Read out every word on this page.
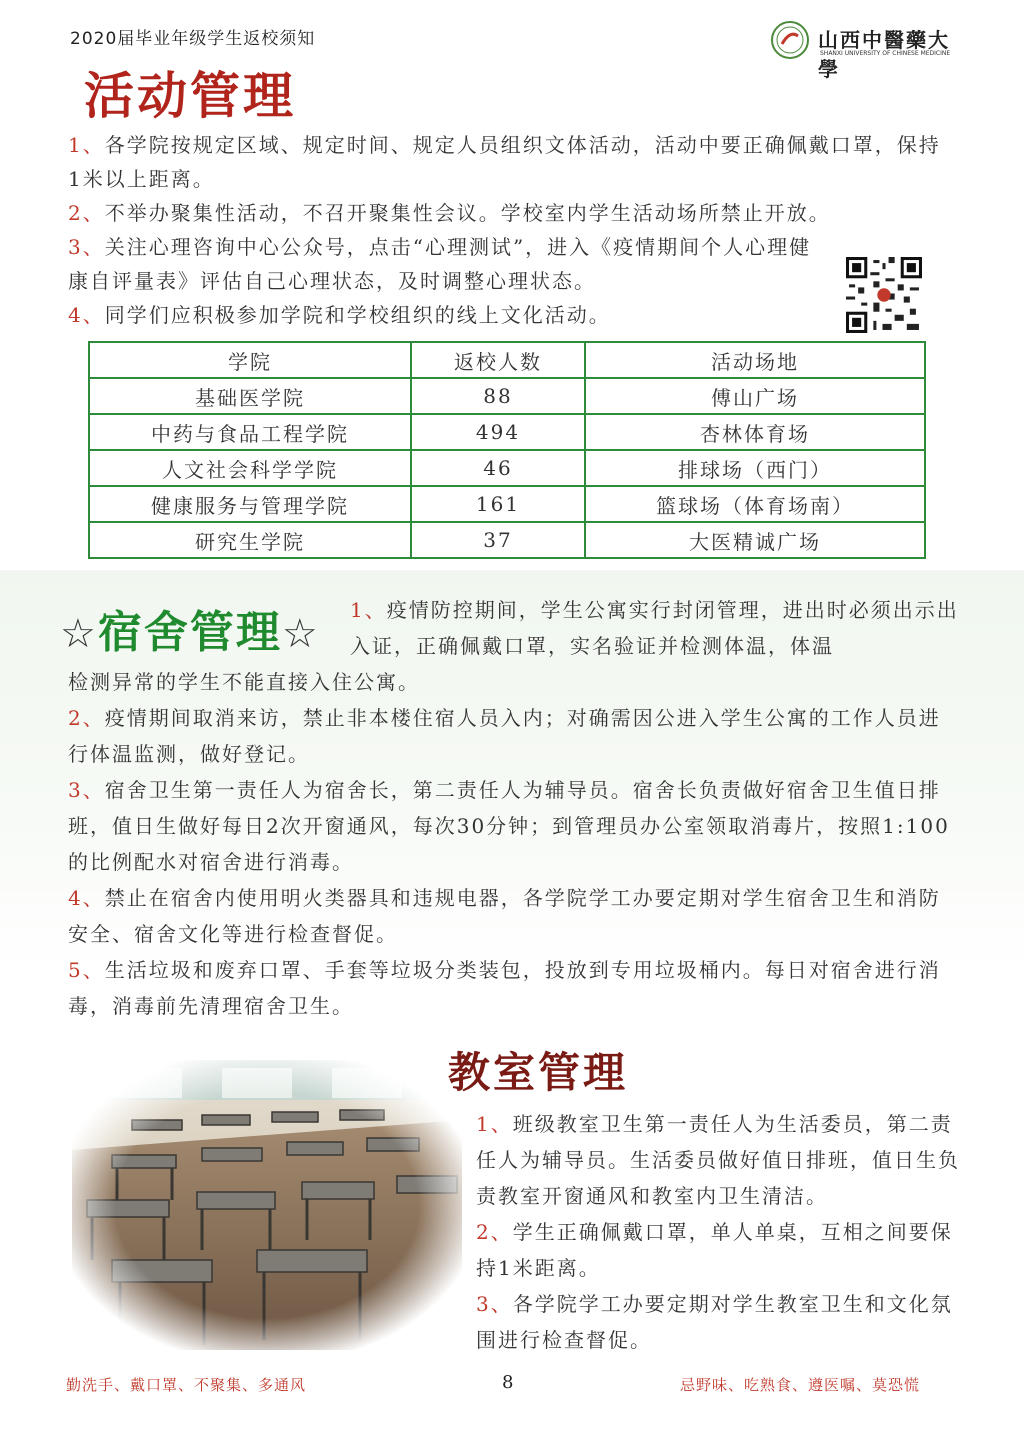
2020届毕业年级学生返校须知	山西中醫藥大學
SHANXI UNIVERSITY OF CHINESE MEDICINE
活动管理
1、各学院按规定区域、规定时间、规定人员组织文体活动，活动中要正确佩戴口罩，保持1米以上距离。
2、不举办聚集性活动，不召开聚集性会议。学校室内学生活动场所禁止开放。
3、关注心理咨询中心公众号，点击“心理测试”，进入《疫情期间个人心理健康自评量表》评估自己心理状态，及时调整心理状态。
4、同学们应积极参加学院和学校组织的线上文化活动。
学院	返校人数	活动场地
基础医学院	88	傅山广场
中药与食品工程学院	494	杏林体育场
人文社会科学学院	46	排球场（西门）
健康服务与管理学院	161	篮球场（体育场南）
研究生学院	37	大医精诚广场
☆宿舍管理☆
1、疫情防控期间，学生公寓实行封闭管理，进出时必须出示出入证，正确佩戴口罩，实名验证并检测体温，体温
检测异常的学生不能直接入住公寓。
2、疫情期间取消来访，禁止非本楼住宿人员入内；对确需因公进入学生公寓的工作人员进行体温监测，做好登记。
3、宿舍卫生第一责任人为宿舍长，第二责任人为辅导员。宿舍长负责做好宿舍卫生值日排班，值日生做好每日2次开窗通风，每次30分钟；到管理员办公室领取消毒片，按照1:100的比例配水对宿舍进行消毒。
4、禁止在宿舍内使用明火类器具和违规电器，各学院学工办要定期对学生宿舍卫生和消防安全、宿舍文化等进行检查督促。
5、生活垃圾和废弃口罩、手套等垃圾分类装包，投放到专用垃圾桶内。每日对宿舍进行消毒，消毒前先清理宿舍卫生。
教室管理
1、班级教室卫生第一责任人为生活委员，第二责任人为辅导员。生活委员做好值日排班，值日生负责教室开窗通风和教室内卫生清洁。
2、学生正确佩戴口罩，单人单桌，互相之间要保持1米距离。
3、各学院学工办要定期对学生教室卫生和文化氛围进行检查督促。
勤洗手、戴口罩、不聚集、多通风	8	忌野味、吃熟食、遵医嘱、莫恐慌
